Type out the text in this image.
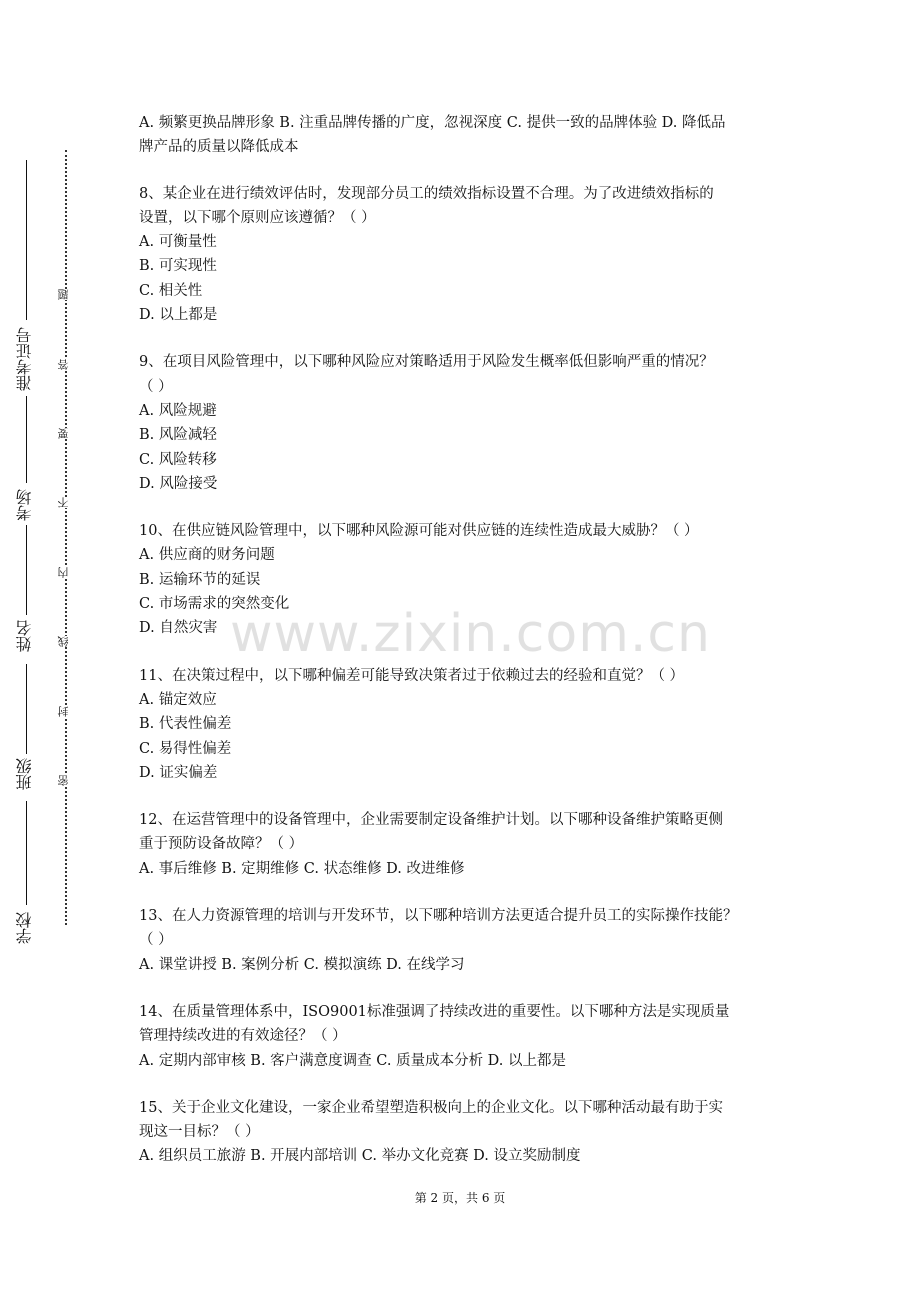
学校
班级
姓名
考场
准考证号
题
答
要
不
内
线
封
密

A. 频繁更换品牌形象 B. 注重品牌传播的广度，忽视深度 C. 提供一致的品牌体验 D. 降低品

牌产品的质量以降低成本

8、某企业在进行绩效评估时，发现部分员工的绩效指标设置不合理。为了改进绩效指标的

设置，以下哪个原则应该遵循？（ ）

A. 可衡量性

B. 可实现性

C. 相关性

D. 以上都是

9、在项目风险管理中，以下哪种风险应对策略适用于风险发生概率低但影响严重的情况？

（ ）

A. 风险规避

B. 风险减轻

C. 风险转移

D. 风险接受

10、在供应链风险管理中，以下哪种风险源可能对供应链的连续性造成最大威胁？（ ）

A. 供应商的财务问题

B. 运输环节的延误

C. 市场需求的突然变化

D. 自然灾害

11、在决策过程中，以下哪种偏差可能导致决策者过于依赖过去的经验和直觉？（ ）

A. 锚定效应

B. 代表性偏差

C. 易得性偏差

D. 证实偏差

12、在运营管理中的设备管理中，企业需要制定设备维护计划。以下哪种设备维护策略更侧

重于预防设备故障？（ ）

A. 事后维修 B. 定期维修 C. 状态维修 D. 改进维修

13、在人力资源管理的培训与开发环节，以下哪种培训方法更适合提升员工的实际操作技能？

（ ）

A. 课堂讲授 B. 案例分析 C. 模拟演练 D. 在线学习

14、在质量管理体系中，ISO9001标准强调了持续改进的重要性。以下哪种方法是实现质量

管理持续改进的有效途径？（ ）

A. 定期内部审核 B. 客户满意度调查 C. 质量成本分析 D. 以上都是

15、关于企业文化建设，一家企业希望塑造积极向上的企业文化。以下哪种活动最有助于实

现这一目标？（ ）

A. 组织员工旅游 B. 开展内部培训 C. 举办文化竞赛 D. 设立奖励制度

www.zixin.com.cn
第 2 页，共 6 页
